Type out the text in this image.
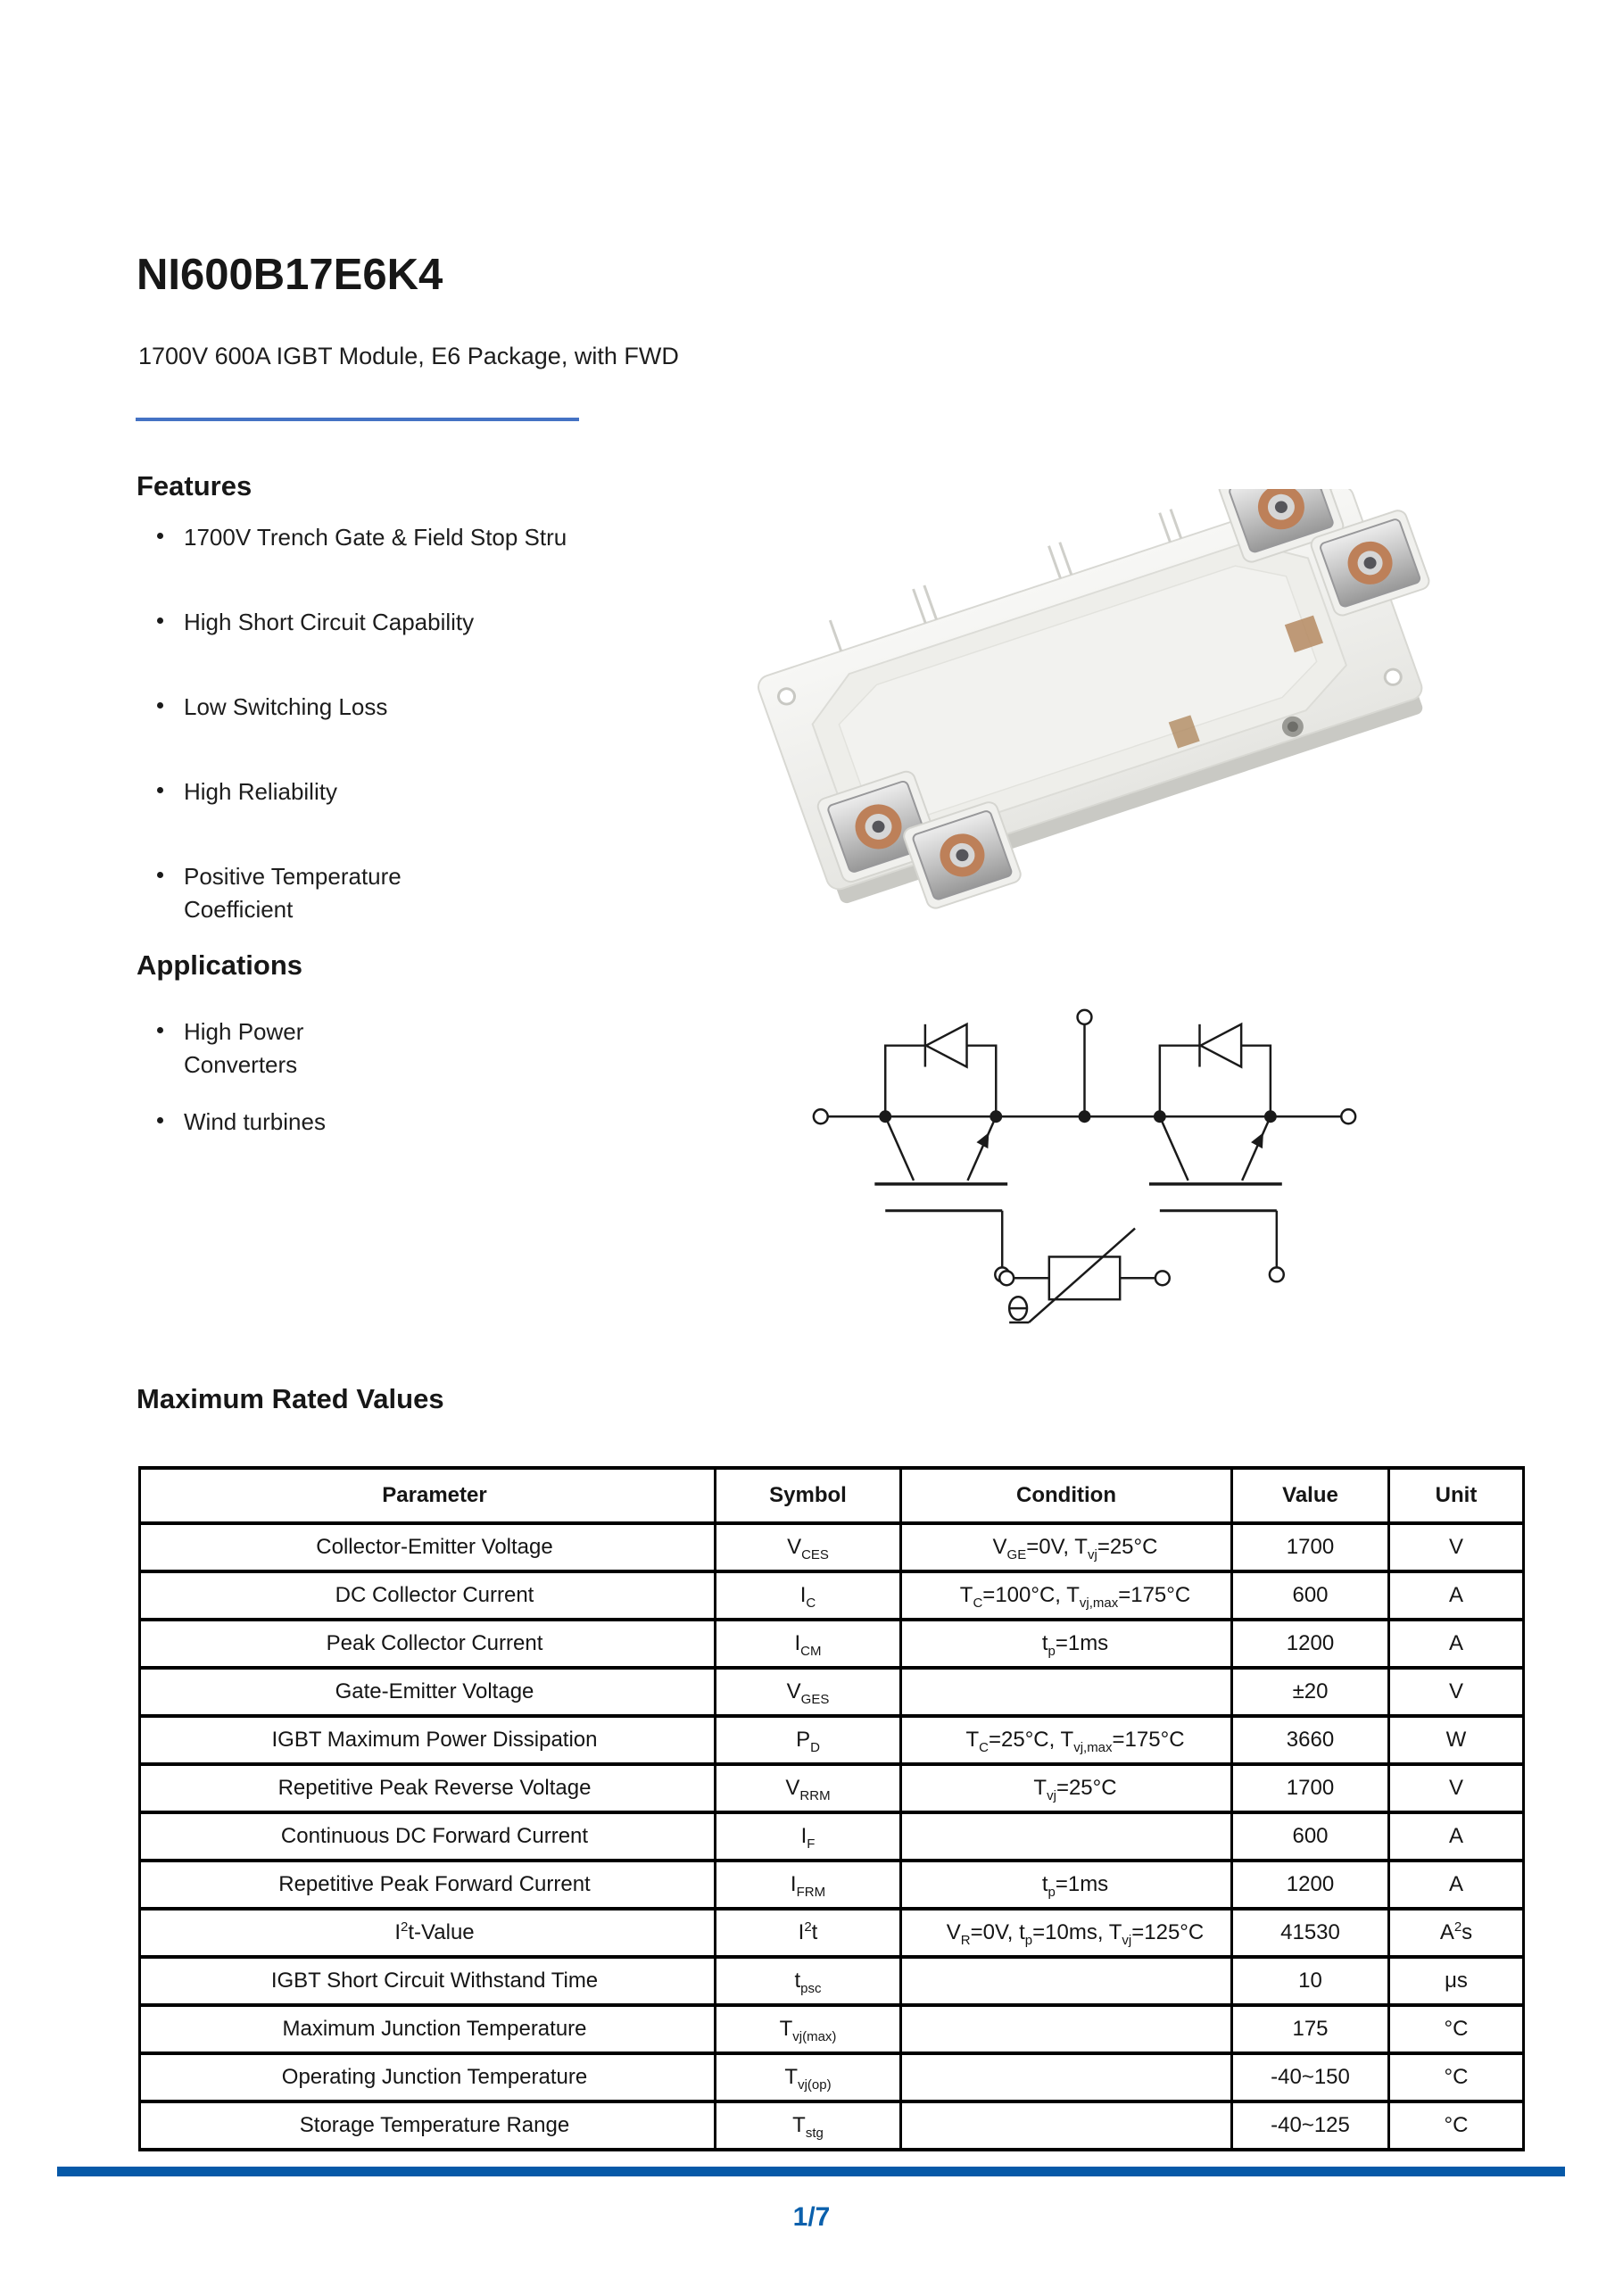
NI600B17E6K4
1700V 600A IGBT Module, E6 Package, with FWD
Features
1700V Trench Gate & Field Stop Stru
High Short Circuit Capability
Low Switching Loss
High Reliability
Positive Temperature Coefficient
Applications
High Power Converters
Wind turbines
Maximum Rated Values
Parameter	Symbol	Condition	Value	Unit
Collector-Emitter Voltage	$V_{CES}$	$V_{GE}=0V$, $T_{vj}=25^\circ C$	1700	V
DC Collector Current	$I_C$	$T_C=100^\circ C$, $T_{vj,max}=175^\circ C$	600	A
Peak Collector Current	$I_{CM}$	$t_p=1ms$	1200	A
Gate-Emitter Voltage	$V_{GES}$		±20	V
IGBT Maximum Power Dissipation	$P_D$	$T_C=25^\circ C$, $T_{vj,max}=175^\circ C$	3660	W
Repetitive Peak Reverse Voltage	$V_{RRM}$	$T_{vj}=25^\circ C$	1700	V
Continuous DC Forward Current	$I_F$		600	A
Repetitive Peak Forward Current	$I_{FRM}$	$t_p=1ms$	1200	A
$I^2t$-Value	$I^2t$	$V_R=0V$, $t_p=10ms$, $T_{vj}=125^\circ C$	41530	$A^2s$
IGBT Short Circuit Withstand Time	$t_{psc}$		10	μs
Maximum Junction Temperature	$T_{vj(max)}$		175	°C
Operating Junction Temperature	$T_{vj(op)}$		-40~150	°C
Storage Temperature Range	$T_{stg}$		-40~125	°C
1/7
